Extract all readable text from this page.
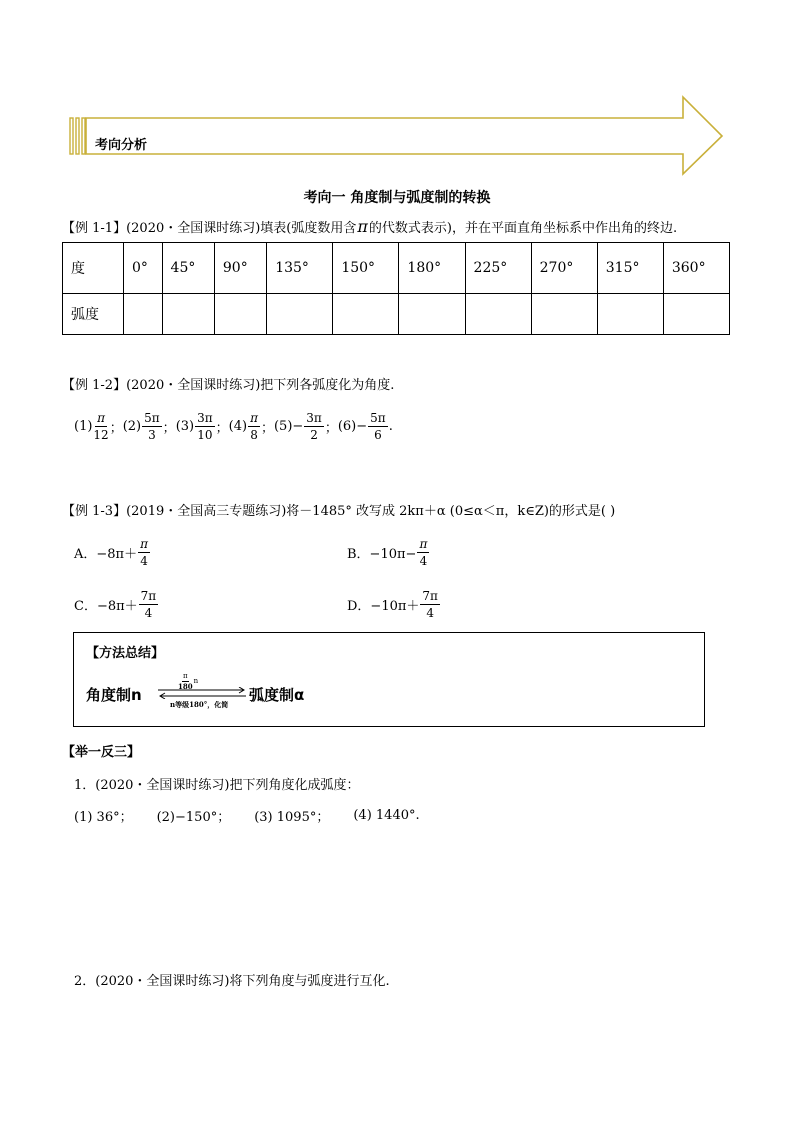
考向分析
考向一 角度制与弧度制的转换
【例 1-1】 (2020・全国课时练习)填表(弧度数用含 π 的代数式表示)，并在平面直角坐标系中作出角的终边.
度	0°	45°	90°	135°	150°	180°	225°	270°	315°	360°
弧度										
【例 1-2】 (2020・全国课时练习)把下列各弧度化为角度.
$(1) \frac{\pi}{12}$ ； $(2) \frac{5\pi}{3}$ ； $(3) \frac{3\pi}{10}$ ； $(4) \frac{\pi}{8}$ ； $(5)- \frac{3\pi}{2}$ ； $(6)- \frac{5\pi}{6}$ .
【例 1-3】 (2019・全国高三专题练习)将－1485° 改写成 2kπ＋α (0≤α＜π，k∈Z)的形式是( )
A．$-8\pi+ \frac{\pi}{4}$	B．$-10\pi- \frac{\pi}{4}$
C．$-8\pi+ \frac{7\pi}{4}$	D．$-10\pi+ \frac{7\pi}{4}$
【方法总结】
角度制n
$\frac{\pi}{180}$ n
n等级180°，化简
弧度制α
【举一反三】
1．(2020・全国课时练习)把下列角度化成弧度：
(1) 36°； (2)−150°； (3) 1095°； (4) 1440°.
2．(2020・全国课时练习)将下列角度与弧度进行互化.
